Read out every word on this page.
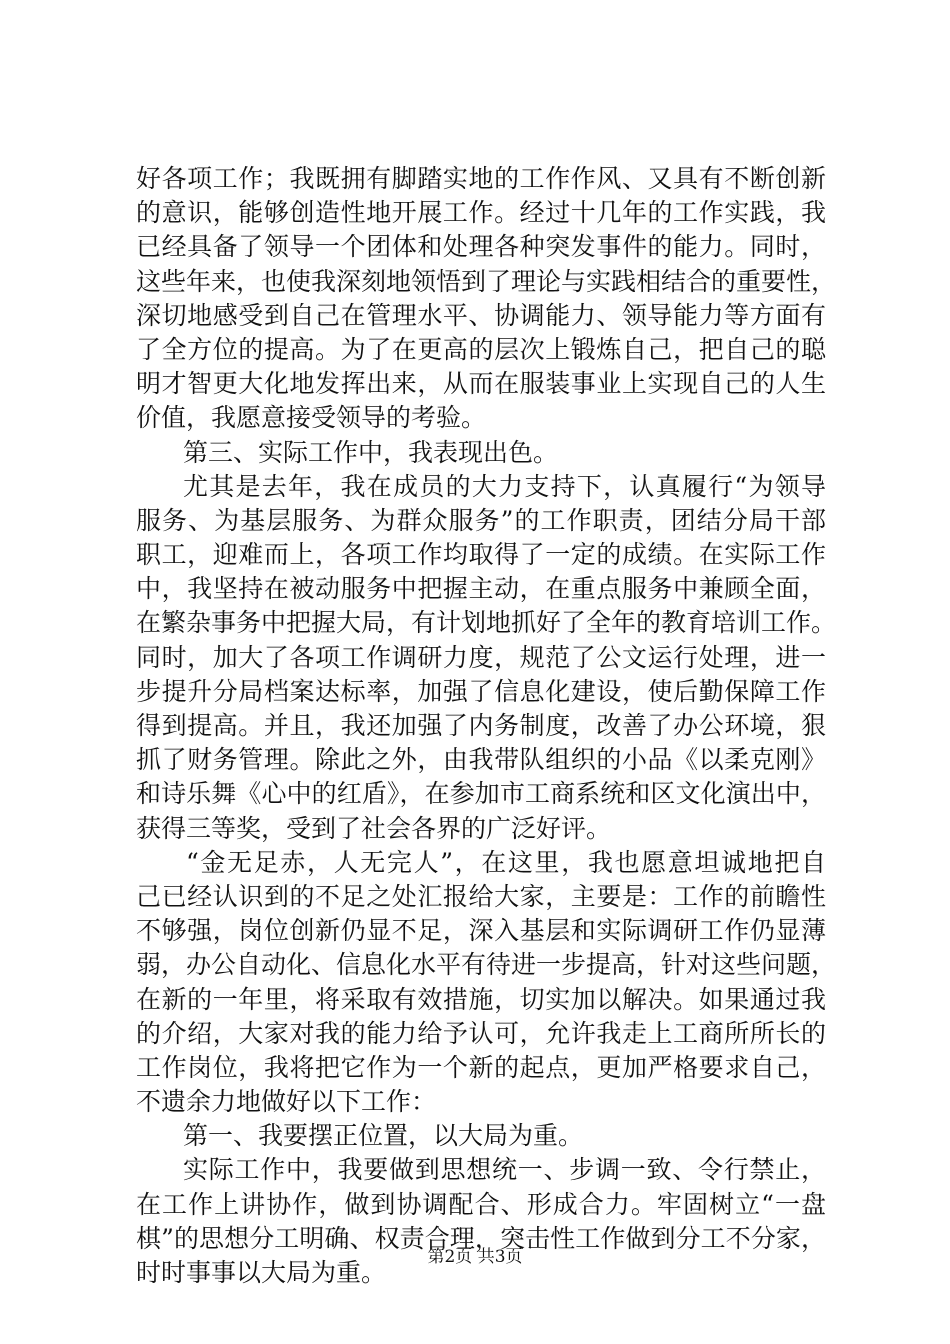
好各项工作；我既拥有脚踏实地的工作作风、又具有不断创新
的意识，能够创造性地开展工作。经过十几年的工作实践，我
已经具备了领导一个团体和处理各种突发事件的能力。同时，
这些年来，也使我深刻地领悟到了理论与实践相结合的重要性，
深切地感受到自己在管理水平、协调能力、领导能力等方面有
了全方位的提高。为了在更高的层次上锻炼自己，把自己的聪
明才智更大化地发挥出来，从而在服装事业上实现自己的人生
价值，我愿意接受领导的考验。
第三、实际工作中，我表现出色。
尤其是去年，我在成员的大力支持下，认真履行“为领导
服务、为基层服务、为群众服务”的工作职责，团结分局干部
职工，迎难而上，各项工作均取得了一定的成绩。在实际工作
中，我坚持在被动服务中把握主动，在重点服务中兼顾全面，
在繁杂事务中把握大局，有计划地抓好了全年的教育培训工作。
同时，加大了各项工作调研力度，规范了公文运行处理，进一
步提升分局档案达标率，加强了信息化建设，使后勤保障工作
得到提高。并且，我还加强了内务制度，改善了办公环境，狠
抓了财务管理。除此之外，由我带队组织的小品《以柔克刚》
和诗乐舞《心中的红盾》，在参加市工商系统和区文化演出中，
获得三等奖，受到了社会各界的广泛好评。
“金无足赤，人无完人”，在这里，我也愿意坦诚地把自
己已经认识到的不足之处汇报给大家，主要是：工作的前瞻性
不够强，岗位创新仍显不足，深入基层和实际调研工作仍显薄
弱，办公自动化、信息化水平有待进一步提高，针对这些问题，
在新的一年里，将采取有效措施，切实加以解决。如果通过我
的介绍，大家对我的能力给予认可，允许我走上工商所所长的
工作岗位，我将把它作为一个新的起点，更加严格要求自己，
不遗余力地做好以下工作：
第一、我要摆正位置，以大局为重。
实际工作中，我要做到思想统一、步调一致、令行禁止，
在工作上讲协作，做到协调配合、形成合力。牢固树立“一盘
棋”的思想分工明确、权责合理，突击性工作做到分工不分家，
时时事事以大局为重。
第2页 共3页
